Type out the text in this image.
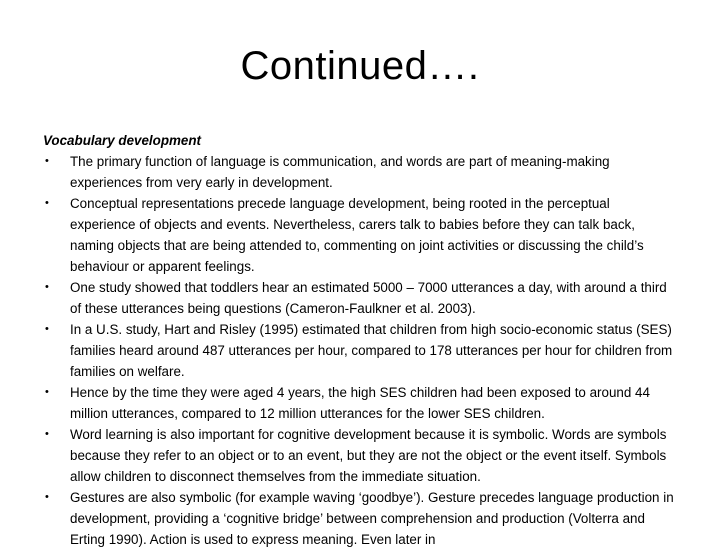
Continued….
Vocabulary development
• The primary function of language is communication, and words are part of meaning-making experiences from very early in development.
• Conceptual representations precede language development, being rooted in the perceptual experience of objects and events. Nevertheless, carers talk to babies before they can talk back, naming objects that are being attended to, commenting on joint activities or discussing the child’s behaviour or apparent feelings.
• One study showed that toddlers hear an estimated 5000 – 7000 utterances a day, with around a third of these utterances being questions (Cameron-Faulkner et al. 2003).
• In a U.S. study, Hart and Risley (1995) estimated that children from high socio-economic status (SES) families heard around 487 utterances per hour, compared to 178 utterances per hour for children from families on welfare.
• Hence by the time they were aged 4 years, the high SES children had been exposed to around 44 million utterances, compared to 12 million utterances for the lower SES children.
• Word learning is also important for cognitive development because it is symbolic. Words are symbols because they refer to an object or to an event, but they are not the object or the event itself. Symbols allow children to disconnect themselves from the immediate situation.
• Gestures are also symbolic (for example waving ‘goodbye’). Gesture precedes language production in development, providing a ‘cognitive bridge’ between comprehension and production (Volterra and Erting 1990). Action is used to express meaning. Even later in
